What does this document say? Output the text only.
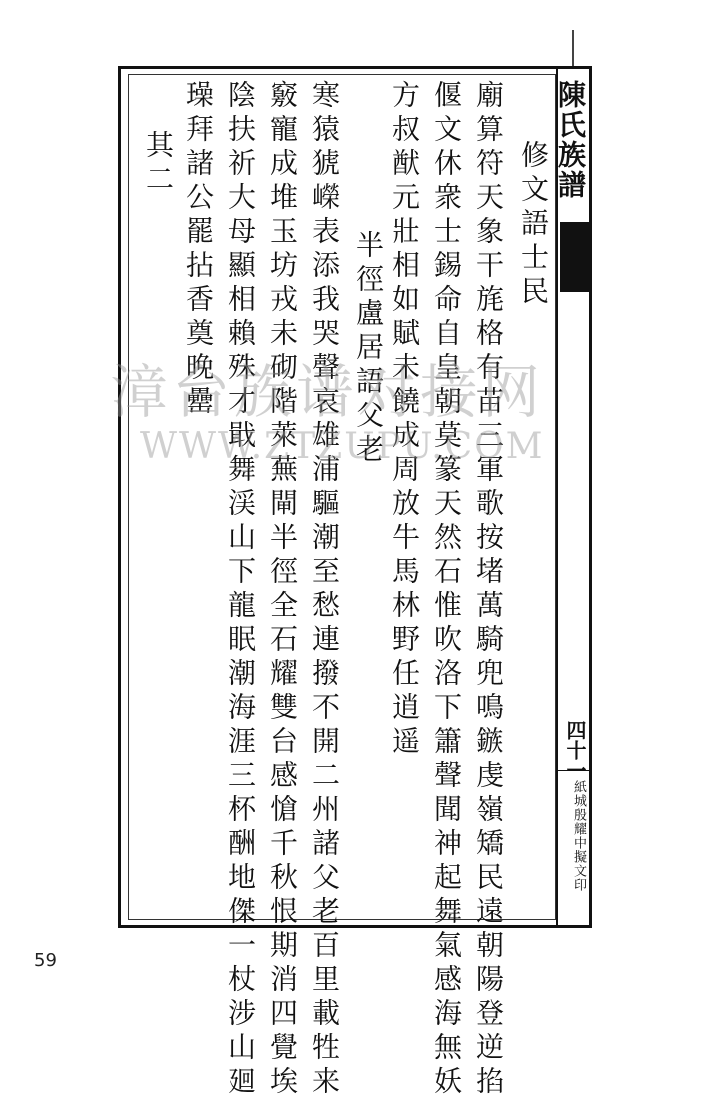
陳氏族譜
四十一
紙城殷耀中擬文印
修文語士民
廟算符天象干旄格有苗三軍歌按堵萬騎兜鳴鏃虔嶺矯民遠朝陽登逆掐
偃文休衆士錫命自皇朝莫篆天然石惟吹洛下簫聲聞神起舞氣感海無妖
方叔猷元壯相如賦未饒成周放牛馬林野任逍遥
半徑盧居語父老
寒猿猇嶸表添我哭聲哀雄浦驅潮至愁連撥不開二州諸父老百里載牲来
竅寵成堆玉坊戎未砌階萊蕪閘半徑全石耀雙台感愴千秋恨期消四覺埃
陰扶祈大母顯相賴殊才戢舞渓山下龍眠潮海涯三杯酬地傑一杖涉山廻
璪拜諸公罷拈香奠晚罍
其二
漳台族谱对接网
WWW.ZTZUPU.COM
59
